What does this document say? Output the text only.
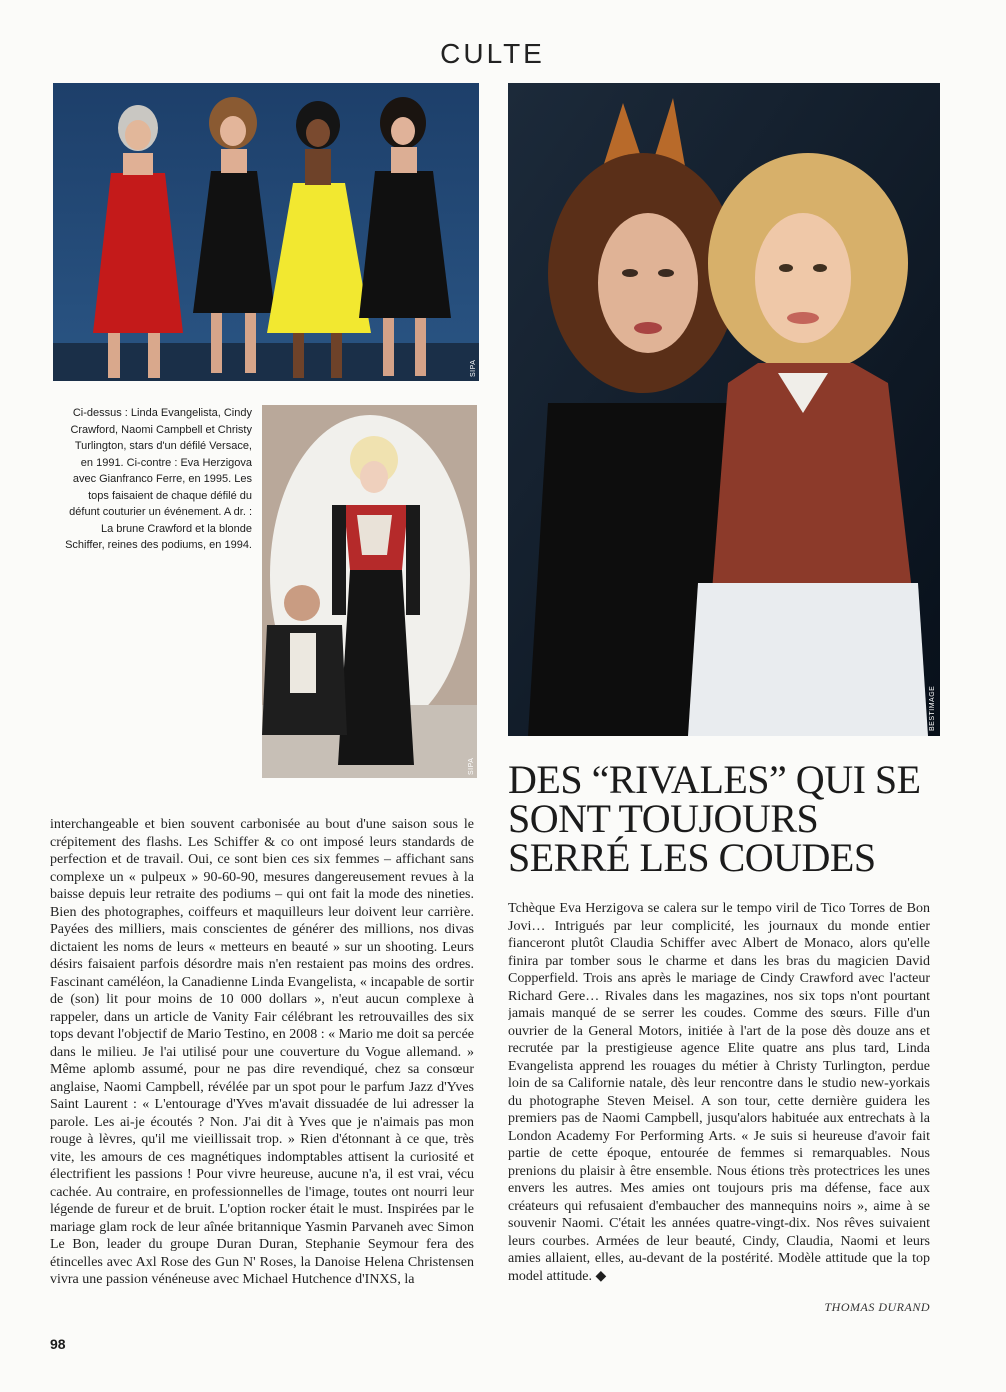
CULTE
SIPA
SIPA
BESTIMAGE
Ci-dessus : Linda Evangelista, Cindy Crawford, Naomi Campbell et Christy Turlington, stars d'un défilé Versace, en 1991. Ci-contre : Eva Herzigova avec Gianfranco Ferre, en 1995. Les tops faisaient de chaque défilé du défunt couturier un événement. A dr. : La brune Crawford et la blonde Schiffer, reines des podiums, en 1994.
DES “RIVALES” QUI SE SONT TOUJOURS SERRÉ LES COUDES
interchangeable et bien souvent carbonisée au bout d'une saison sous le crépitement des flashs. Les Schiffer & co ont imposé leurs standards de perfection et de travail. Oui, ce sont bien ces six femmes – affichant sans complexe un « pulpeux » 90-60-90, mesures dangereusement revues à la baisse depuis leur retraite des podiums – qui ont fait la mode des nineties. Bien des photographes, coiffeurs et maquilleurs leur doivent leur carrière. Payées des milliers, mais conscientes de générer des millions, nos divas dictaient les noms de leurs « metteurs en beauté » sur un shooting. Leurs désirs faisaient parfois désordre mais n'en restaient pas moins des ordres. Fascinant caméléon, la Canadienne Linda Evangelista, « incapable de sortir de (son) lit pour moins de 10 000 dollars », n'eut aucun complexe à rappeler, dans un article de Vanity Fair célébrant les retrouvailles des six tops devant l'objectif de Mario Testino, en 2008 : « Mario me doit sa percée dans le milieu. Je l'ai utilisé pour une couverture du Vogue allemand. » Même aplomb assumé, pour ne pas dire revendiqué, chez sa consœur anglaise, Naomi Campbell, révélée par un spot pour le parfum Jazz d'Yves Saint Laurent : « L'entourage d'Yves m'avait dissuadée de lui adresser la parole. Les ai-je écoutés ? Non. J'ai dit à Yves que je n'aimais pas mon rouge à lèvres, qu'il me vieillissait trop. » Rien d'étonnant à ce que, très vite, les amours de ces magnétiques indomptables attisent la curiosité et électrifient les passions ! Pour vivre heureuse, aucune n'a, il est vrai, vécu cachée. Au contraire, en professionnelles de l'image, toutes ont nourri leur légende de fureur et de bruit. L'option rocker était le must. Inspirées par le mariage glam rock de leur aînée britannique Yasmin Parvaneh avec Simon Le Bon, leader du groupe Duran Duran, Stephanie Seymour fera des étincelles avec Axl Rose des Gun N' Roses, la Danoise Helena Christensen vivra une passion vénéneuse avec Michael Hutchence d'INXS, la
Tchèque Eva Herzigova se calera sur le tempo viril de Tico Torres de Bon Jovi… Intrigués par leur complicité, les journaux du monde entier fianceront plutôt Claudia Schiffer avec Albert de Monaco, alors qu'elle finira par tomber sous le charme et dans les bras du magicien David Copperfield. Trois ans après le mariage de Cindy Crawford avec l'acteur Richard Gere… Rivales dans les magazines, nos six tops n'ont pourtant jamais manqué de se serrer les coudes. Comme des sœurs. Fille d'un ouvrier de la General Motors, initiée à l'art de la pose dès douze ans et recrutée par la prestigieuse agence Elite quatre ans plus tard, Linda Evangelista apprend les rouages du métier à Christy Turlington, perdue loin de sa Californie natale, dès leur rencontre dans le studio new-yorkais du photographe Steven Meisel. A son tour, cette dernière guidera les premiers pas de Naomi Campbell, jusqu'alors habituée aux entrechats à la London Academy For Performing Arts. « Je suis si heureuse d'avoir fait partie de cette époque, entourée de femmes si remarquables. Nous prenions du plaisir à être ensemble. Nous étions très protectrices les unes envers les autres. Mes amies ont toujours pris ma défense, face aux créateurs qui refusaient d'embaucher des mannequins noirs », aime à se souvenir Naomi. C'était les années quatre-vingt-dix. Nos rêves suivaient leurs courbes. Armées de leur beauté, Cindy, Claudia, Naomi et leurs amies allaient, elles, au-devant de la postérité. Modèle attitude que la top model attitude. ◆
THOMAS DURAND
98
